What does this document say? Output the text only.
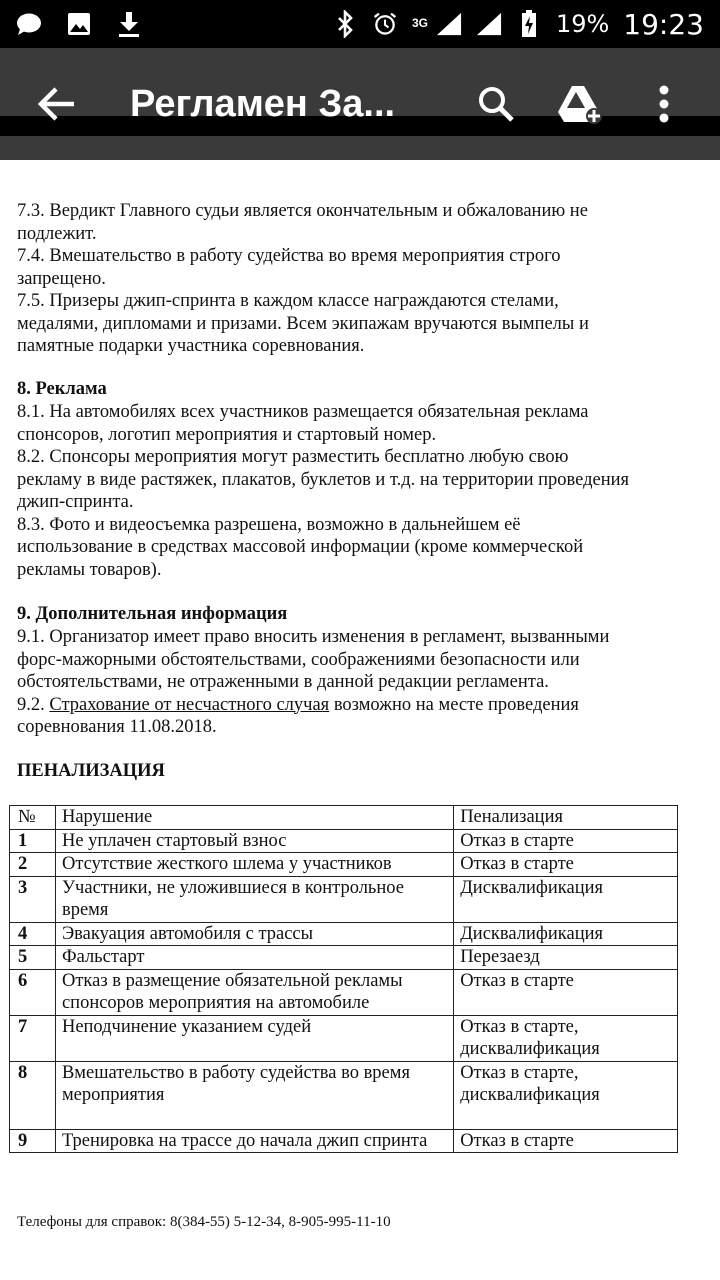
3G	19% 19:23
Регламен За...
7.3. Вердикт Главного судьи является окончательным и обжалованию не
подлежит.
7.4. Вмешательство в работу судейства во время мероприятия строго
запрещено.
7.5. Призеры джип-спринта в каждом классе награждаются стелами,
медалями, дипломами и призами. Всем экипажам вручаются вымпелы и
памятные подарки участника соревнования.
8. Реклама
8.1. На автомобилях всех участников размещается обязательная реклама
спонсоров, логотип мероприятия и стартовый номер.
8.2. Спонсоры мероприятия могут разместить бесплатно любую свою
рекламу в виде растяжек, плакатов, буклетов и т.д. на территории проведения
джип-спринта.
8.3. Фото и видеосъемка разрешена, возможно в дальнейшем её
использование в средствах массовой информации (кроме коммерческой
рекламы товаров).
9. Дополнительная информация
9.1. Организатор имеет право вносить изменения в регламент, вызванными
форс-мажорными обстоятельствами, соображениями безопасности или
обстоятельствами, не отраженными в данной редакции регламента.
9.2. Страхование от несчастного случая возможно на месте проведения
соревнования 11.08.2018.
ПЕНАЛИЗАЦИЯ
№	Нарушение	Пенализация
1	Не уплачен стартовый взнос	Отказ в старте
2	Отсутствие жесткого шлема у участников	Отказ в старте
3	Участники, не уложившиеся в контрольное время	Дисквалификация
4	Эвакуация автомобиля с трассы	Дисквалификация
5	Фальстарт	Перезаезд
6	Отказ в размещение обязательной рекламы спонсоров мероприятия на автомобиле	Отказ в старте
7	Неподчинение указанием судей	Отказ в старте, дисквалификация
8	Вмешательство в работу судейства во время мероприятия	Отказ в старте, дисквалификация
9	Тренировка на трассе до начала джип спринта	Отказ в старте
Телефоны для справок: 8(384-55) 5-12-34, 8-905-995-11-10
